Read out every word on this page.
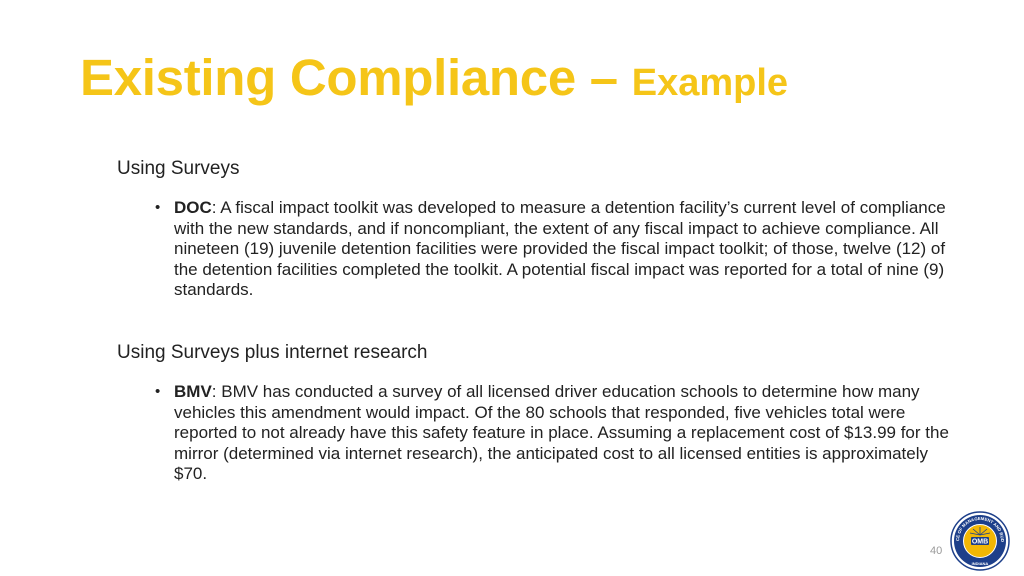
Existing Compliance – Example

Using Surveys

• DOC: A fiscal impact toolkit was developed to measure a detention facility’s current level of compliance with the new standards, and if noncompliant, the extent of any fiscal impact to achieve compliance. All nineteen (19) juvenile detention facilities were provided the fiscal impact toolkit; of those, twelve (12) of the detention facilities completed the toolkit. A potential fiscal impact was reported for a total of nine (9) standards.

Using Surveys plus internet research

• BMV: BMV has conducted a survey of all licensed driver education schools to determine how many vehicles this amendment would impact. Of the 80 schools that responded, five vehicles total were reported to not already have this safety feature in place. Assuming a replacement cost of $13.99 for the mirror (determined via internet research), the anticipated cost to all licensed entities is approximately $70.

40
CE OF MANAGEMENT AND BUD
OMB
INDIANA
